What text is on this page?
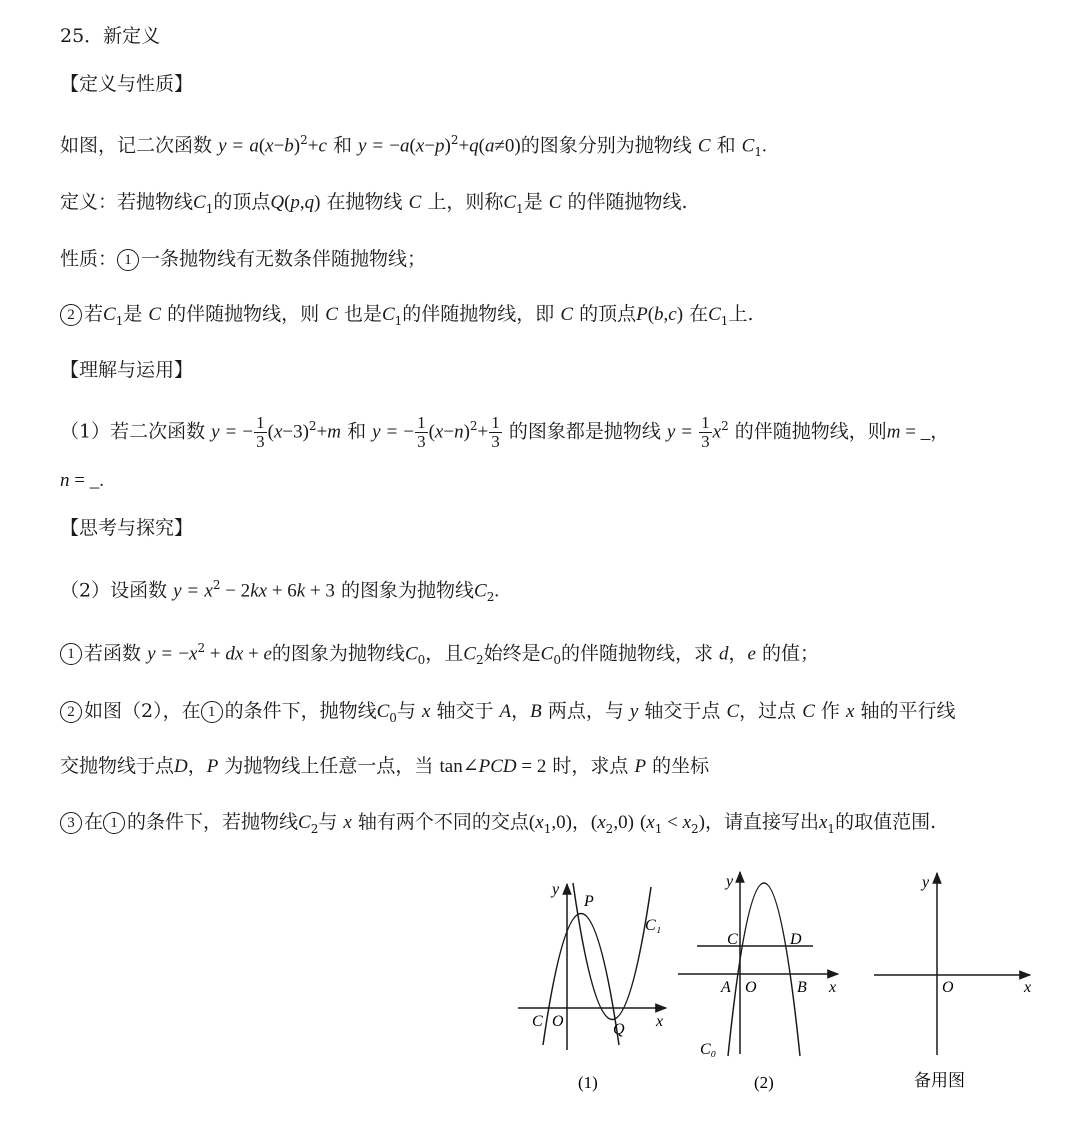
25．新定义
【定义与性质】
如图，记二次函数 $y = a(x-b)^2+c$ 和 $y = -a(x-p)^2+q(a\ne 0)$的图象分别为抛物线 C 和 $C_1$.
定义：若抛物线$C_1$的顶点Q(p,q) 在抛物线 C 上，则称$C_1$是 C 的伴随抛物线.
性质： 1 一条抛物线有无数条伴随抛物线；
2 若$C_1$是 C 的伴随抛物线，则 C 也是$C_1$的伴随抛物线，即 C 的顶点P(b,c) 在$C_1$上.
【理解与运用】
（1）若二次函数 y = − $\frac{1}{3} (x-3)^2+m$ 和 y = − $\frac{1}{3} (x-n)^2+ \frac{1}{3}$ 的图象都是抛物线 $y = \frac{1}{3} x^2$ 的伴随抛物线，则m = _，
n = _.
【思考与探究】
（2）设函数 $y = x^2 - 2kx + 6k + 3$ 的图象为抛物线$C_2$.
1 若函数 $y = -x^2$ + dx + e的图象为抛物线$C_0$，且$C_2$始终是$C_0$的伴随抛物线，求 d，e 的值；
2 如图（2），在 1 的条件下，抛物线$C_0$与 x 轴交于 A，B 两点，与 y 轴交于点 C，过点 C 作 x 轴的平行线
交抛物线于点D，P 为抛物线上任意一点，当 tan∠PCD = 2 时，求点 P 的坐标
3 在 1 的条件下，若抛物线$C_2$与 x 轴有两个不同的交点$(x_1,0)$，$(x_2,0) (x_1 < x_2)$，请直接写出$x_1$的取值范围.
y
P
C₁
C O	Q x
(1)
y
C	D
A O	B x
C₀
(2)
y
O	x
备用图
